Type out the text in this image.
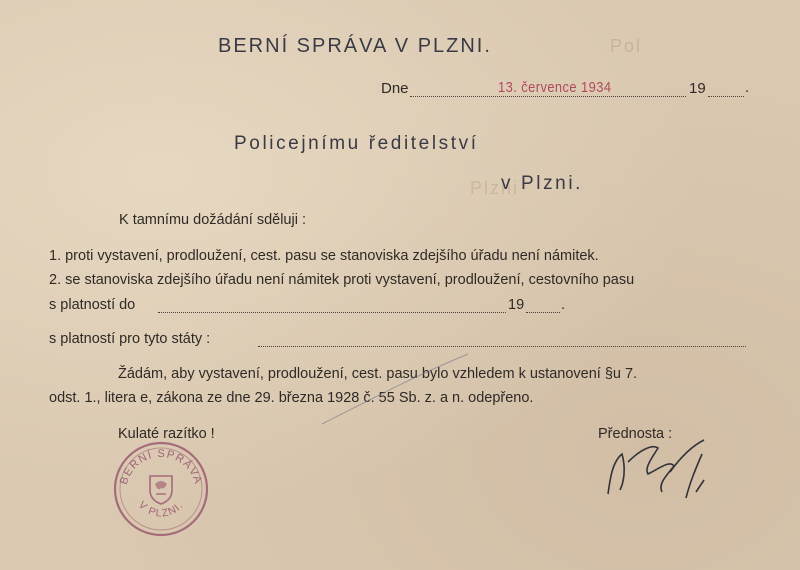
Pol
Plzni
BERNÍ SPRÁVA V PLZNI.
Dne	13. července 1934	19	.
Policejnímu ředitelství
v Plzni.
K tamnímu dožádání sděluji :
1. proti vystavení, prodloužení, cest. pasu se stanoviska zdejšího úřadu není námitek.
2. se stanoviska zdejšího úřadu není námitek proti vystavení, prodloužení, cestovního pasu
s platností do	19	.
s platností pro tyto státy :
Žádám, aby vystavení, prodloužení, cest. pasu bylo vzhledem k ustanovení §u 7.
odst. 1., litera e, zákona ze dne 29. března 1928 č. 55 Sb. z. a n. odepřeno.
Kulaté razítko !	Přednosta :
BERNÍ SPRÁVA
V PLZNI.
